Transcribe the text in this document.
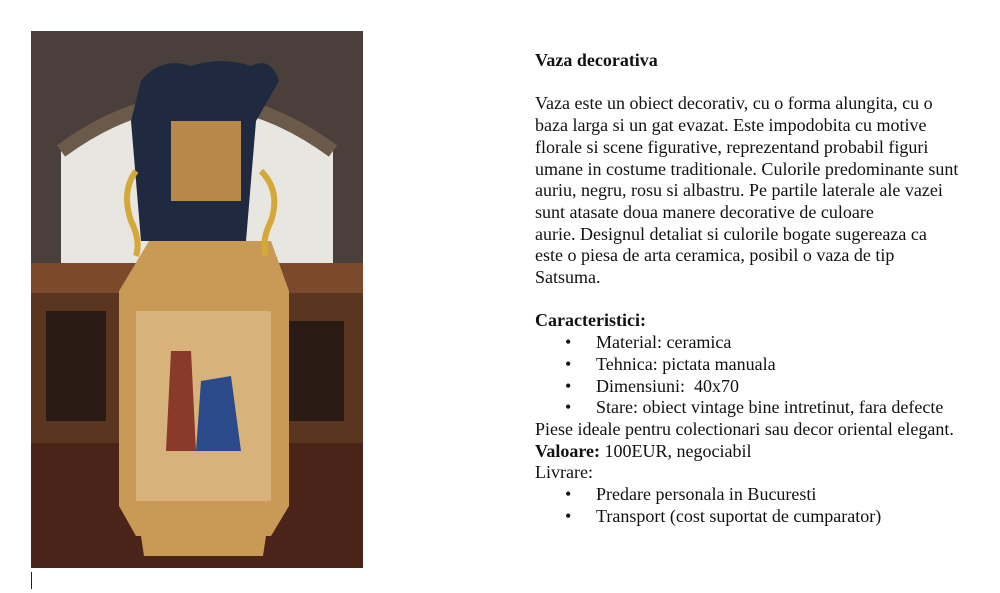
Vaza decorativa
Vaza este un obiect decorativ, cu o forma alungita, cu o
baza larga si un gat evazat. Este impodobita cu motive
florale si scene figurative, reprezentand probabil figuri
umane in costume traditionale. Culorile predominante sunt
auriu, negru, rosu si albastru. Pe partile laterale ale vazei
sunt atasate doua manere decorative de culoare
aurie. Designul detaliat si culorile bogate sugereaza ca
este o piesa de arta ceramica, posibil o vaza de tip
Satsuma.
Caracteristici:
• Material: ceramica
• Tehnica: pictata manuala
• Dimensiuni:  40x70
• Stare: obiect vintage bine intretinut, fara defecte
Piese ideale pentru colectionari sau decor oriental elegant.
Valoare: 100EUR, negociabil
Livrare:
• Predare personala in Bucuresti
• Transport (cost suportat de cumparator)
